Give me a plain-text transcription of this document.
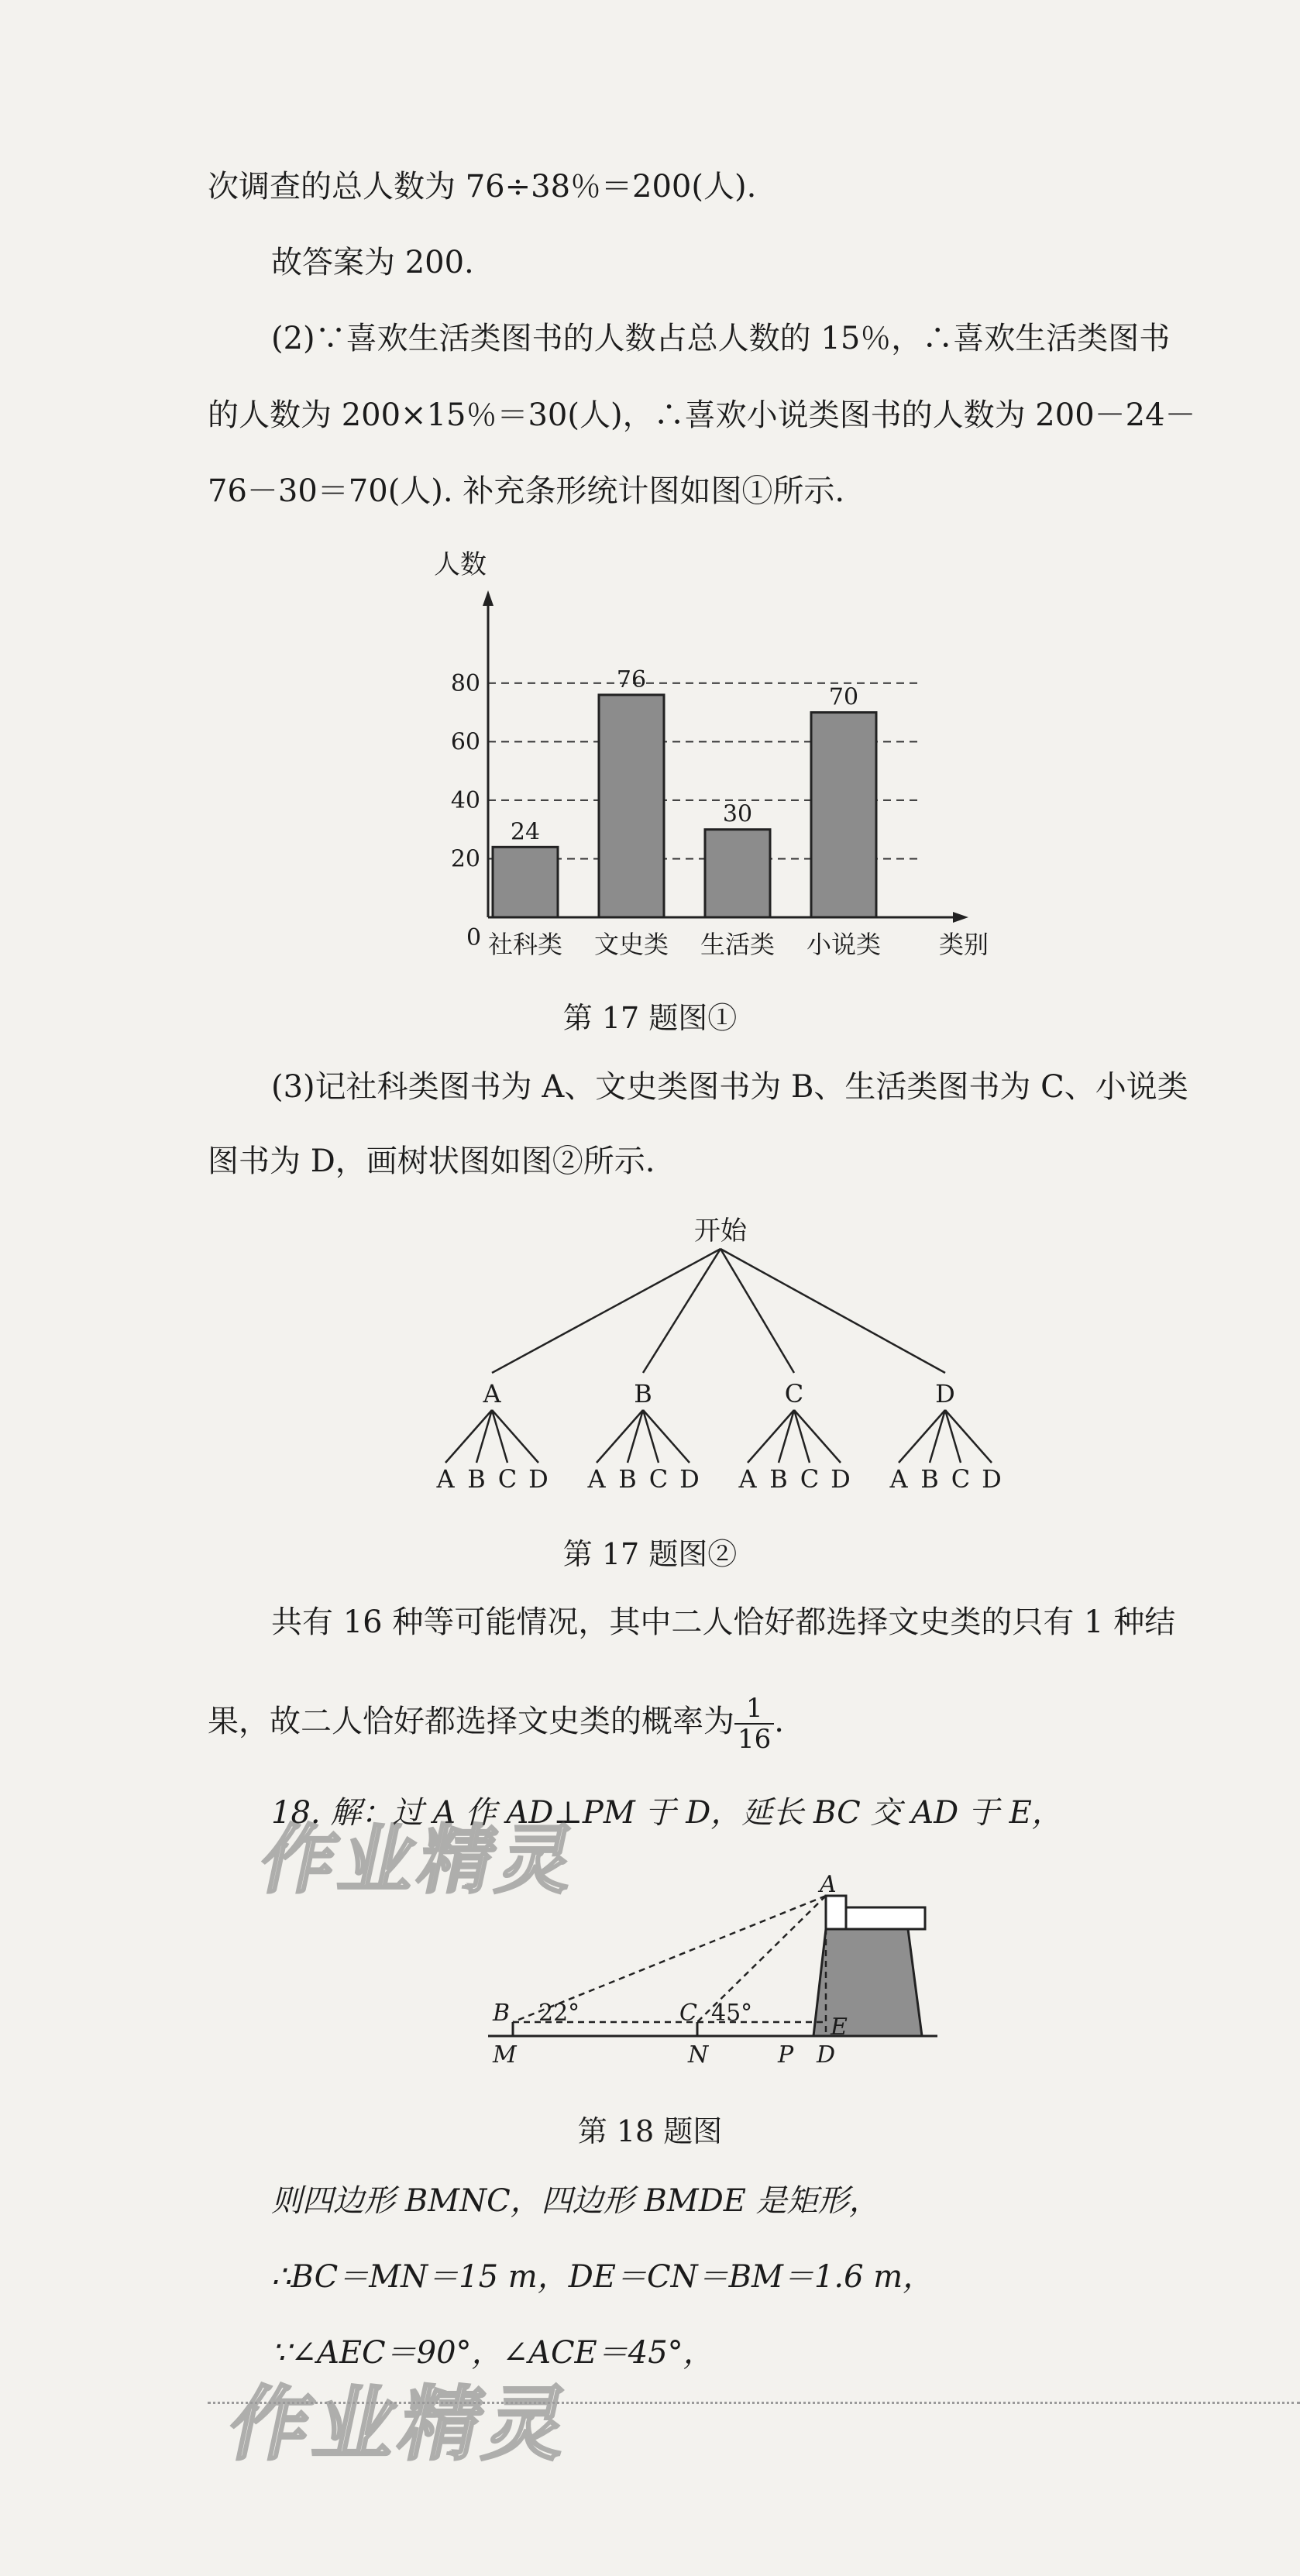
次调查的总人数为 76÷38％＝200(人).
故答案为 200.
(2)∵喜欢生活类图书的人数占总人数的 15％，∴喜欢生活类图书
的人数为 200×15％＝30(人)，∴喜欢小说类图书的人数为 200－24－
76－30＝70(人). 补充条形统计图如图①所示.
20
40
60
80
人数
类别
0
24
社科类
76
文史类
30
生活类
70
小说类
第 17 题图①
(3)记社科类图书为 A、文史类图书为 B、生活类图书为 C、小说类
图书为 D，画树状图如图②所示.
开始
A
A B C D
B
A B C D
C
A B C D
D
A B C D
第 17 题图②
共有 16 种等可能情况，其中二人恰好都选择文史类的只有 1 种结
果，故二人恰好都选择文史类的概率为 $\frac{1}{16}$ .
18. 解：过 A 作 AD⊥PM 于 D，延长 BC 交 AD 于 E，
A
B 22°	C 45°
E
M	N	P D
第 18 题图
则四边形 BMNC，四边形 BMDE 是矩形，
∴BC＝MN＝15 m，DE＝CN＝BM＝1.6 m，
∵∠AEC＝90°，∠ACE＝45°，
作业精灵
作业精灵
